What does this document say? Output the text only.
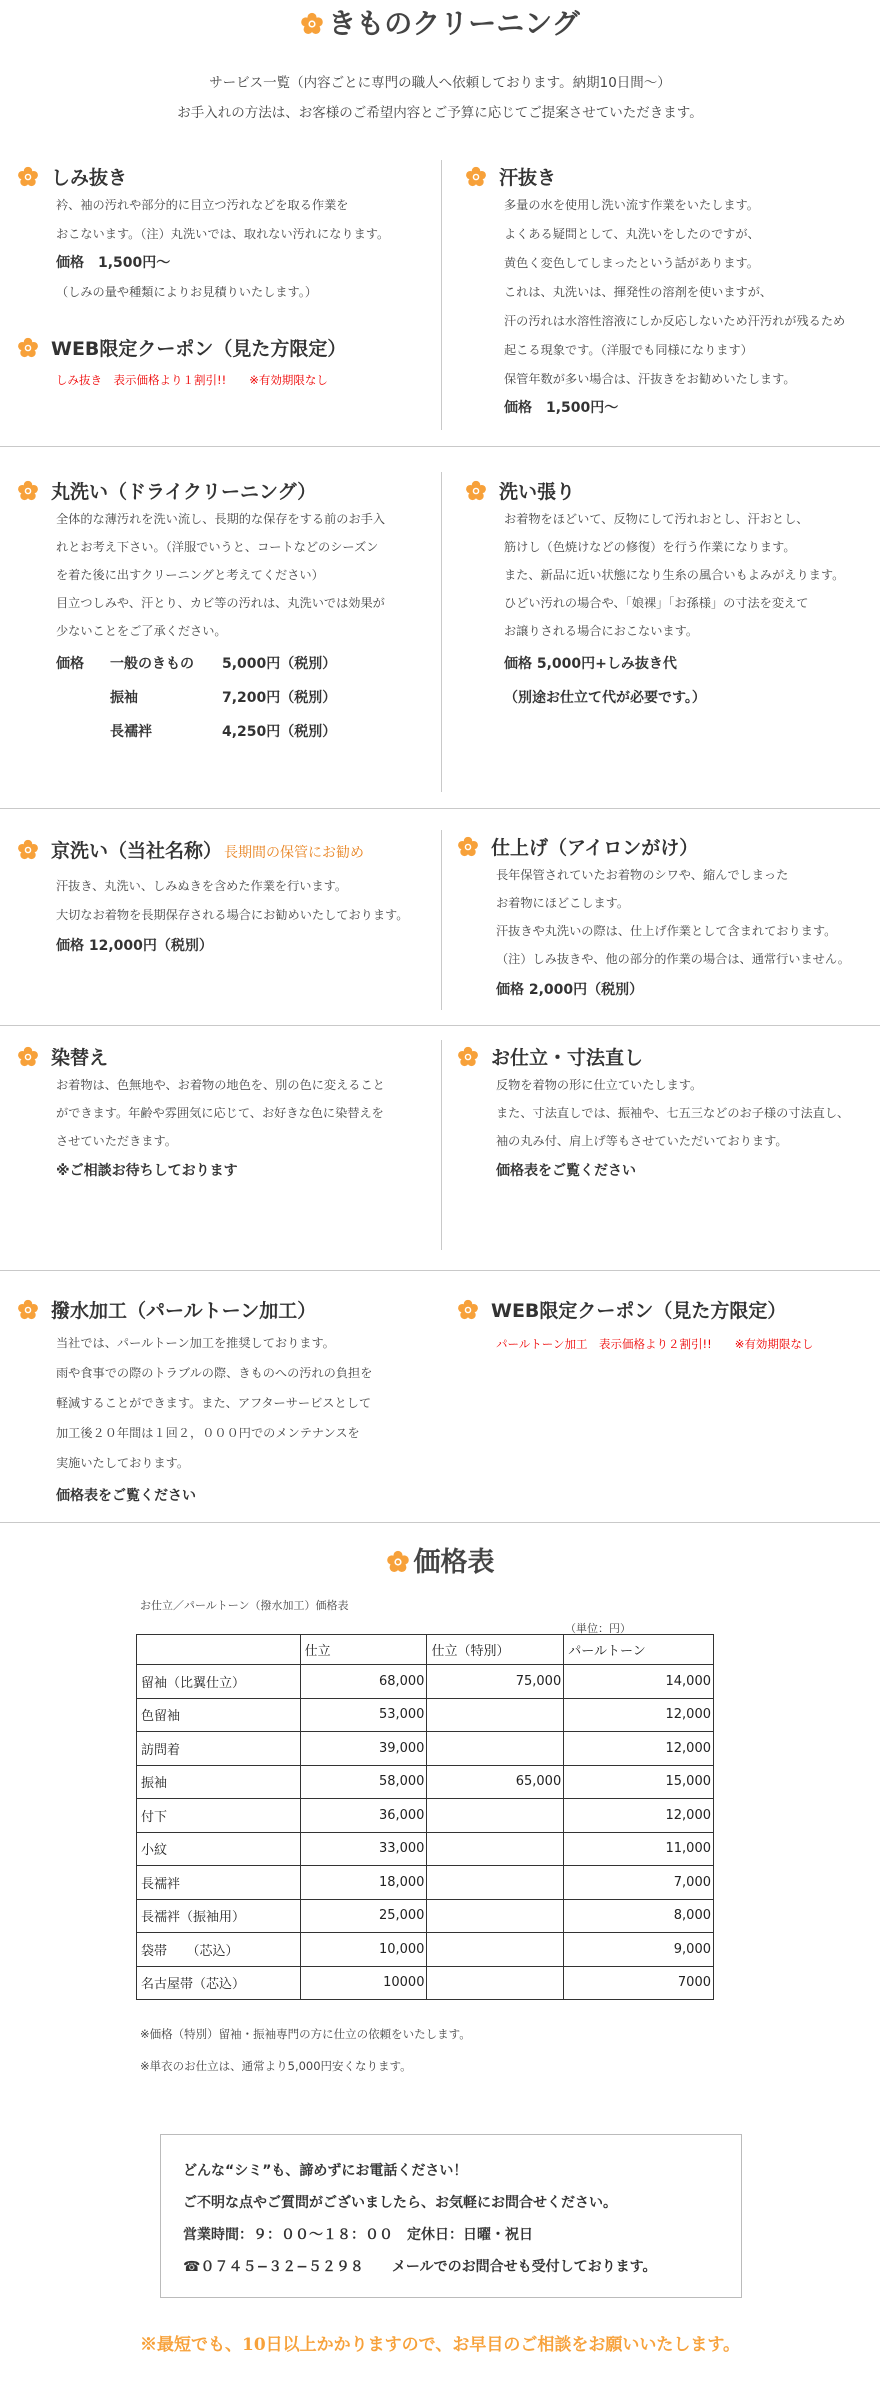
きものクリーニング
サービス一覧（内容ごとに専門の職人へ依頼しております。納期10日間〜）
お手入れの方法は、お客様のご希望内容とご予算に応じてご提案させていただきます。
しみ抜き
衿、袖の汚れや部分的に目立つ汚れなどを取る作業を
おこないます。（注）丸洗いでは、取れない汚れになります。
価格　1,500円〜
（しみの量や種類によりお見積りいたします。）
WEB限定クーポン（見た方限定）
しみ抜き　表示価格より１割引!!　　※有効期限なし
汗抜き
多量の水を使用し洗い流す作業をいたします。
よくある疑問として、丸洗いをしたのですが、
黄色く変色してしまったという話があります。
これは、丸洗いは、揮発性の溶剤を使いますが、
汗の汚れは水溶性溶液にしか反応しないため汗汚れが残るため
起こる現象です。（洋服でも同様になります）
保管年数が多い場合は、汗抜きをお勧めいたします。
価格　1,500円〜
丸洗い（ドライクリーニング）
全体的な薄汚れを洗い流し、長期的な保存をする前のお手入
れとお考え下さい。（洋服でいうと、コートなどのシーズン
を着た後に出すクリーニングと考えてください）
目立つしみや、汗とり、カビ等の汚れは、丸洗いでは効果が
少ないことをご了承ください。
価格 一般のきもの 5,000円（税別）
振袖	7,200円（税別）
長襦袢	4,250円（税別）
洗い張り
お着物をほどいて、反物にして汚れおとし、汗おとし、
筋けし（色焼けなどの修復）を行う作業になります。
また、新品に近い状態になり生糸の風合いもよみがえります。
ひどい汚れの場合や、「娘裸」「お孫様」の寸法を変えて
お譲りされる場合におこないます。
価格 5,000円+しみ抜き代
（別途お仕立て代が必要です。）
京洗い（当社名称） 長期間の保管にお勧め
汗抜き、丸洗い、しみぬきを含めた作業を行います。
大切なお着物を長期保存される場合にお勧めいたしております。
価格 12,000円（税別）
仕上げ（アイロンがけ）
長年保管されていたお着物のシワや、縮んでしまった
お着物にほどこします。
汗抜きや丸洗いの際は、仕上げ作業として含まれております。
（注）しみ抜きや、他の部分的作業の場合は、通常行いません。
価格 2,000円（税別）
染替え
お着物は、色無地や、お着物の地色を、別の色に変えること
ができます。年齢や雰囲気に応じて、お好きな色に染替えを
させていただきます。
※ご相談お待ちしております
お仕立・寸法直し
反物を着物の形に仕立ていたします。
また、寸法直しでは、振袖や、七五三などのお子様の寸法直し、
袖の丸み付、肩上げ等もさせていただいております。
価格表をご覧ください
撥水加工（パールトーン加工）
当社では、パールトーン加工を推奨しております。
雨や食事での際のトラブルの際、きものへの汚れの負担を
軽減することができます。また、アフターサービスとして
加工後２０年間は１回２，０００円でのメンテナンスを
実施いたしております。
価格表をご覧ください
WEB限定クーポン（見た方限定）
パールトーン加工　表示価格より２割引!!　　※有効期限なし
価格表
お仕立／パールトーン（撥水加工）価格表
（単位：円）
	仕立	仕立（特別）	パールトーン
留袖（比翼仕立）	68,000	75,000	14,000
色留袖	53,000		12,000
訪問着	39,000		12,000
振袖	58,000	65,000	15,000
付下	36,000		12,000
小紋	33,000		11,000
長襦袢	18,000		7,000
長襦袢（振袖用）	25,000		8,000
袋帯　　（芯込）	10,000		9,000
名古屋帯（芯込）	10000		7000
※価格（特別）留袖・振袖専門の方に仕立の依頼をいたします。
※単衣のお仕立は、通常より5,000円安くなります。
どんな“シミ”も、諦めずにお電話ください！
ご不明な点やご質問がございましたら、お気軽にお問合せください。
営業時間：９：００〜１８：００　定休日：日曜・祝日
☎０７４５−３２−５２９８　　メールでのお問合せも受付しております。
※最短でも、10日以上かかりますので、お早目のご相談をお願いいたします。
